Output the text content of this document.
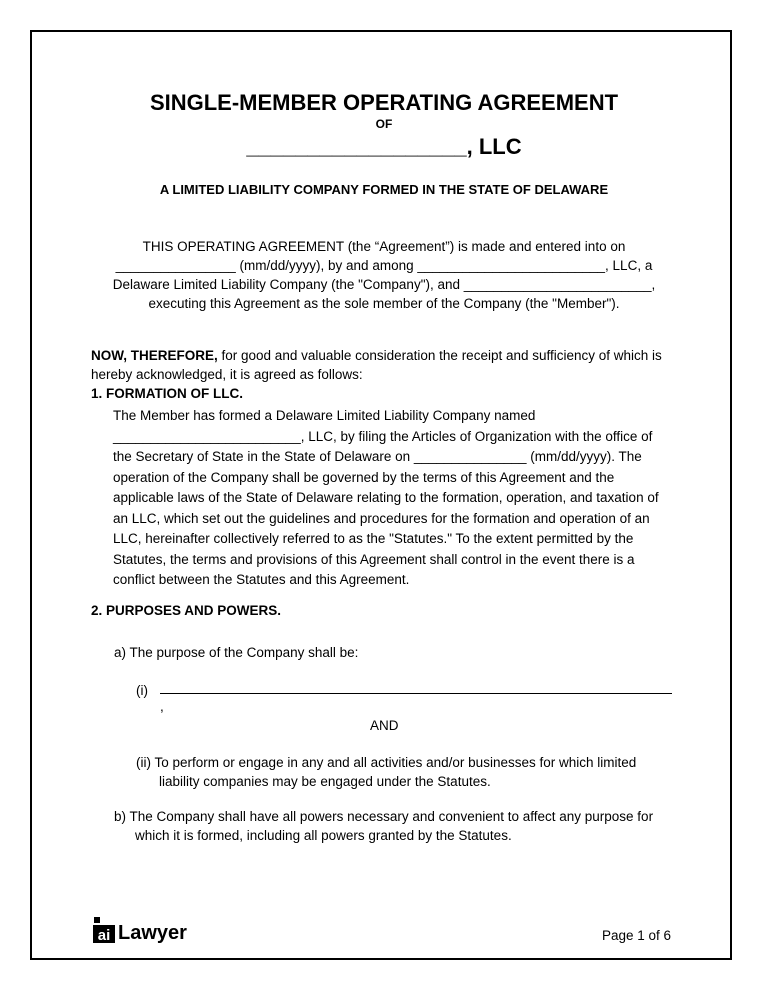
SINGLE-MEMBER OPERATING AGREEMENT
OF
__________________, LLC
A LIMITED LIABILITY COMPANY FORMED IN THE STATE OF DELAWARE
THIS OPERATING AGREEMENT (the “Agreement”) is made and entered into on
________________ (mm/dd/yyyy), by and among _________________________, LLC, a
Delaware Limited Liability Company (the "Company"), and _________________________,
executing this Agreement as the sole member of the Company (the "Member").
NOW, THEREFORE, for good and valuable consideration the receipt and sufficiency of which is hereby acknowledged, it is agreed as follows:
1. FORMATION OF LLC.
The Member has formed a Delaware Limited Liability Company named
_________________________, LLC, by filing the Articles of Organization with the office of
the Secretary of State in the State of Delaware on _______________ (mm/dd/yyyy). The
operation of the Company shall be governed by the terms of this Agreement and the
applicable laws of the State of Delaware relating to the formation, operation, and taxation of
an LLC, which set out the guidelines and procedures for the formation and operation of an
LLC, hereinafter collectively referred to as the "Statutes." To the extent permitted by the
Statutes, the terms and provisions of this Agreement shall control in the event there is a
conflict between the Statutes and this Agreement.
2. PURPOSES AND POWERS.
a) The purpose of the Company shall be:
(i)
,
AND
(ii) To perform or engage in any and all activities and/or businesses for which limited liability companies may be engaged under the Statutes.
b) The Company shall have all powers necessary and convenient to affect any purpose for which it is formed, including all powers granted by the Statutes.
ai Lawyer	Page 1 of 6
